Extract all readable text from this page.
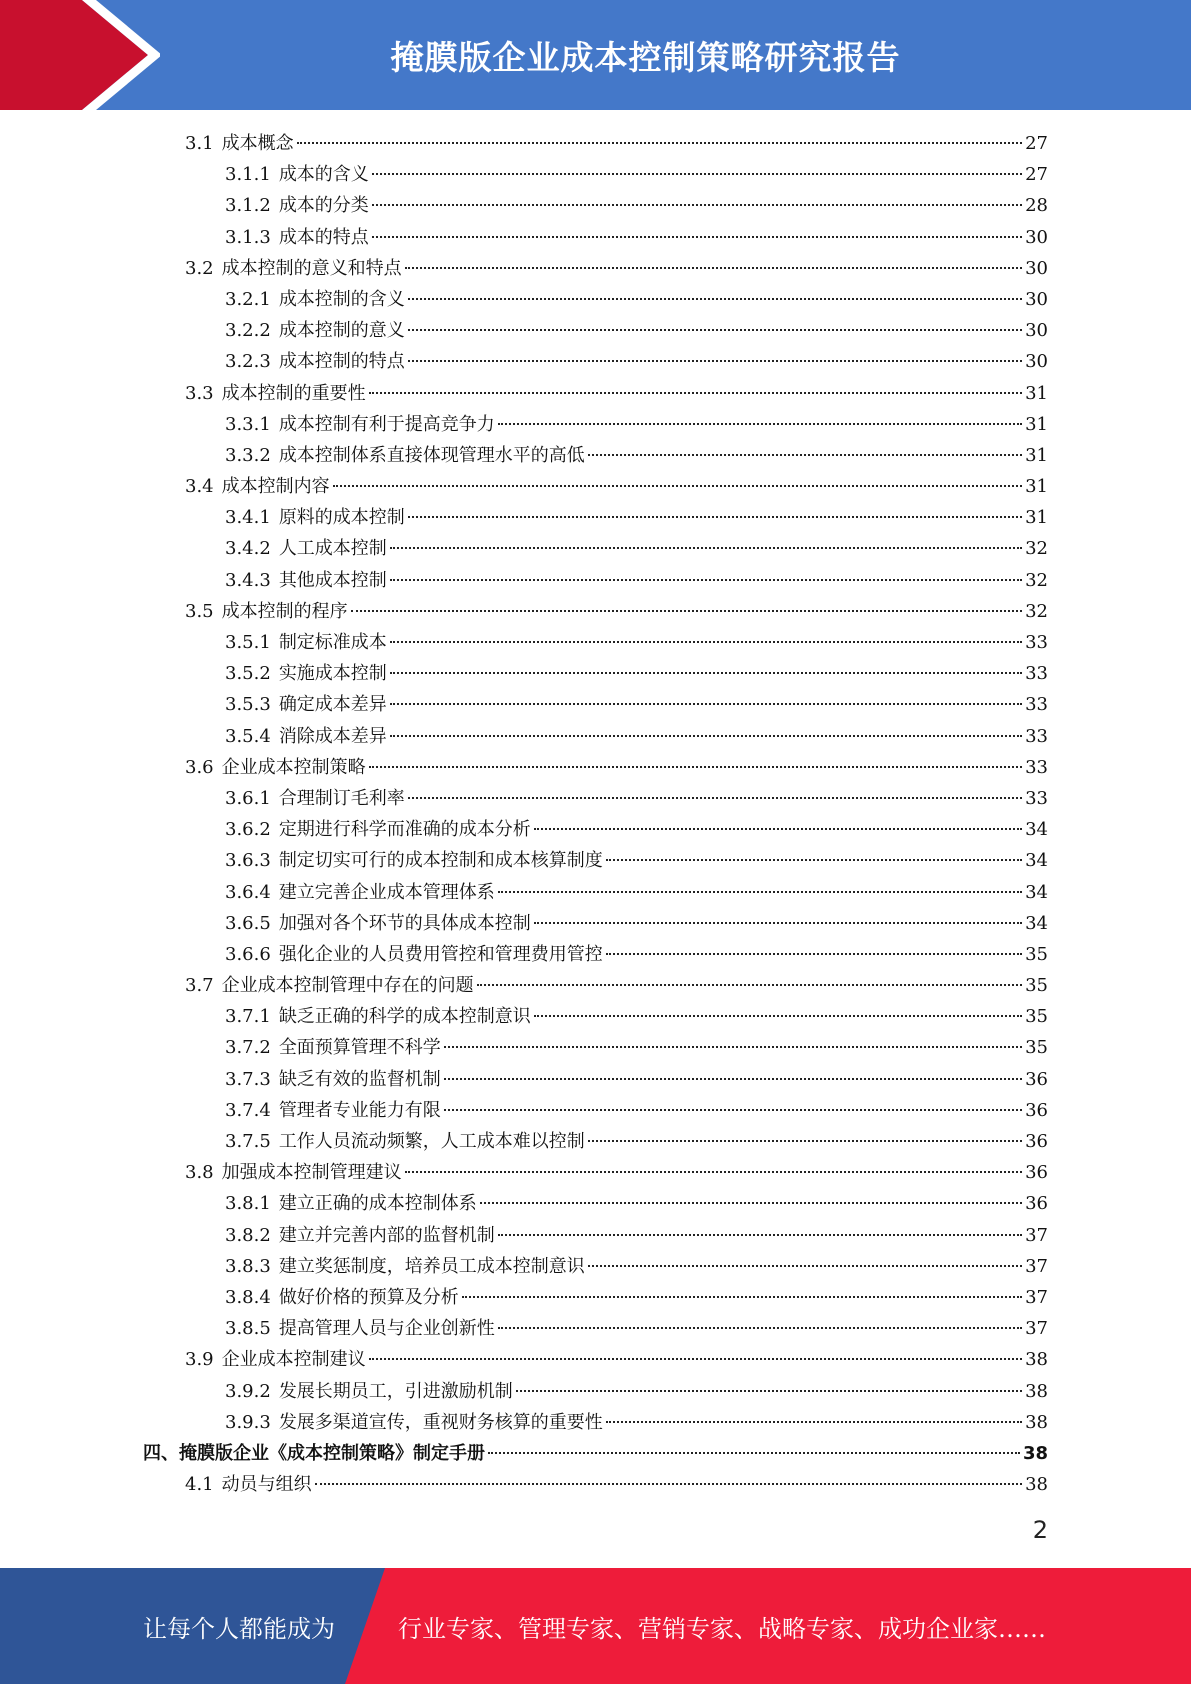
掩膜版企业成本控制策略研究报告
3.1 成本概念	27
3.1.1 成本的含义	27
3.1.2 成本的分类	28
3.1.3 成本的特点	30
3.2 成本控制的意义和特点	30
3.2.1 成本控制的含义	30
3.2.2 成本控制的意义	30
3.2.3 成本控制的特点	30
3.3 成本控制的重要性	31
3.3.1 成本控制有利于提高竞争力	31
3.3.2 成本控制体系直接体现管理水平的高低	31
3.4 成本控制内容	31
3.4.1 原料的成本控制	31
3.4.2 人工成本控制	32
3.4.3 其他成本控制	32
3.5 成本控制的程序	32
3.5.1 制定标准成本	33
3.5.2 实施成本控制	33
3.5.3 确定成本差异	33
3.5.4 消除成本差异	33
3.6 企业成本控制策略	33
3.6.1 合理制订毛利率	33
3.6.2 定期进行科学而准确的成本分析	34
3.6.3 制定切实可行的成本控制和成本核算制度	34
3.6.4 建立完善企业成本管理体系	34
3.6.5 加强对各个环节的具体成本控制	34
3.6.6 强化企业的人员费用管控和管理费用管控	35
3.7 企业成本控制管理中存在的问题	35
3.7.1 缺乏正确的科学的成本控制意识	35
3.7.2 全面预算管理不科学	35
3.7.3 缺乏有效的监督机制	36
3.7.4 管理者专业能力有限	36
3.7.5 工作人员流动频繁，人工成本难以控制	36
3.8 加强成本控制管理建议	36
3.8.1 建立正确的成本控制体系	36
3.8.2 建立并完善内部的监督机制	37
3.8.3 建立奖惩制度，培养员工成本控制意识	37
3.8.4 做好价格的预算及分析	37
3.8.5 提高管理人员与企业创新性	37
3.9 企业成本控制建议	38
3.9.2 发展长期员工，引进激励机制	38
3.9.3 发展多渠道宣传，重视财务核算的重要性	38
四、掩膜版企业《成本控制策略》制定手册	38
4.1 动员与组织	38
2
让每个人都能成为	行业专家、管理专家、营销专家、战略专家、成功企业家……
